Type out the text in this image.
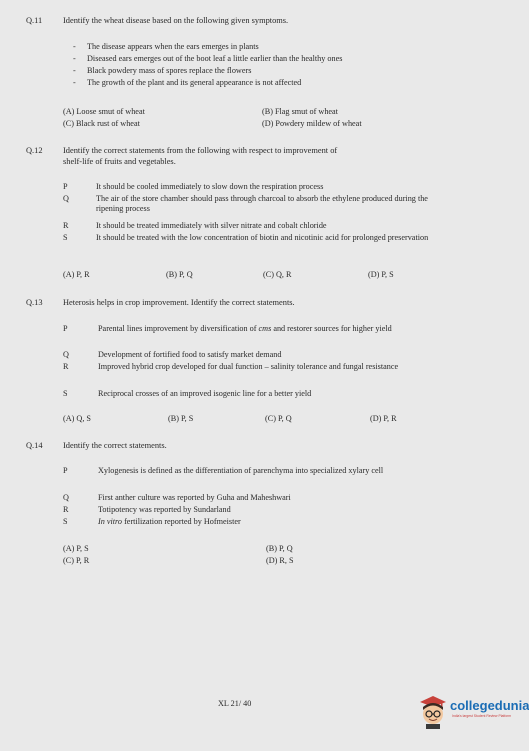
Q.11 Identify the wheat disease based on the following given symptoms.
- The disease appears when the ears emerges in plants
- Diseased ears emerges out of the boot leaf a little earlier than the healthy ones
- Black powdery mass of spores replace the flowers
- The growth of the plant and its general appearance is not affected
(A) Loose smut of wheat	(B) Flag smut of wheat
(C) Black rust of wheat	(D) Powdery mildew of wheat
Q.12 Identify the correct statements from the following with respect to improvement of
shelf-life of fruits and vegetables.
P	It should be cooled immediately to slow down the respiration process
Q	The air of the store chamber should pass through charcoal to absorb the ethylene produced during the ripening process
R	It should be treated immediately with silver nitrate and cobalt chloride
S	It should be treated with the low concentration of biotin and nicotinic acid for prolonged preservation
(A) P, R	(B) P, Q	(C) Q, R	(D) P, S
Q.13 Heterosis helps in crop improvement. Identify the correct statements.
P	Parental lines improvement by diversification of cms and restorer sources for higher yield
Q	Development of fortified food to satisfy market demand
R	Improved hybrid crop developed for dual function – salinity tolerance and fungal resistance
S	Reciprocal crosses of an improved isogenic line for a better yield
(A) Q, S	(B) P, S	(C) P, Q	(D) P, R
Q.14 Identify the correct statements.
P	Xylogenesis is defined as the differentiation of parenchyma into specialized xylary cell
Q	First anther culture was reported by Guha and Maheshwari
R	Totipotency was reported by Sundarland
S	In vitro fertilization reported by Hofmeister
(A) P, S	(B) P, Q
(C) P, R	(D) R, S
XL 21/ 40	collegedunia
India's largest Student Review Platform
